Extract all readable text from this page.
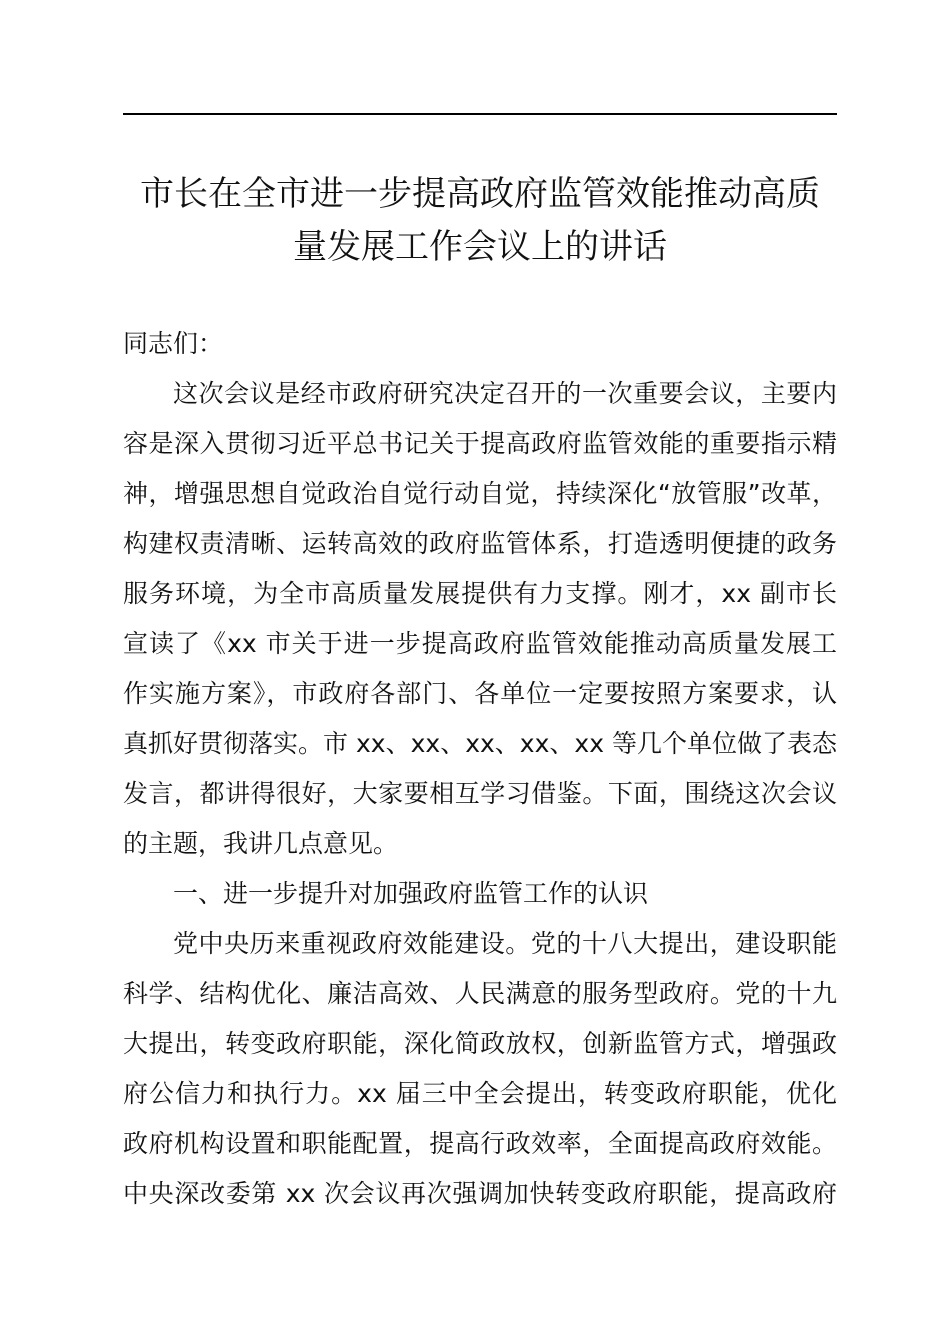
市长在全市进一步提高政府监管效能推动高质
量发展工作会议上的讲话
同志们：
这次会议是经市政府研究决定召开的一次重要会议，主要内
容是深入贯彻习近平总书记关于提高政府监管效能的重要指示精
神，增强思想自觉政治自觉行动自觉，持续深化“放管服”改革，
构建权责清晰、运转高效的政府监管体系，打造透明便捷的政务
服务环境，为全市高质量发展提供有力支撑。刚才，xx 副市长
宣读了《xx 市关于进一步提高政府监管效能推动高质量发展工
作实施方案》，市政府各部门、各单位一定要按照方案要求，认
真抓好贯彻落实。市 xx、xx、xx、xx、xx 等几个单位做了表态
发言，都讲得很好，大家要相互学习借鉴。下面，围绕这次会议
的主题，我讲几点意见。
一、进一步提升对加强政府监管工作的认识
党中央历来重视政府效能建设。党的十八大提出，建设职能
科学、结构优化、廉洁高效、人民满意的服务型政府。党的十九
大提出，转变政府职能，深化简政放权，创新监管方式，增强政
府公信力和执行力。xx 届三中全会提出，转变政府职能，优化
政府机构设置和职能配置，提高行政效率，全面提高政府效能。
中央深改委第 xx 次会议再次强调加快转变政府职能，提高政府
